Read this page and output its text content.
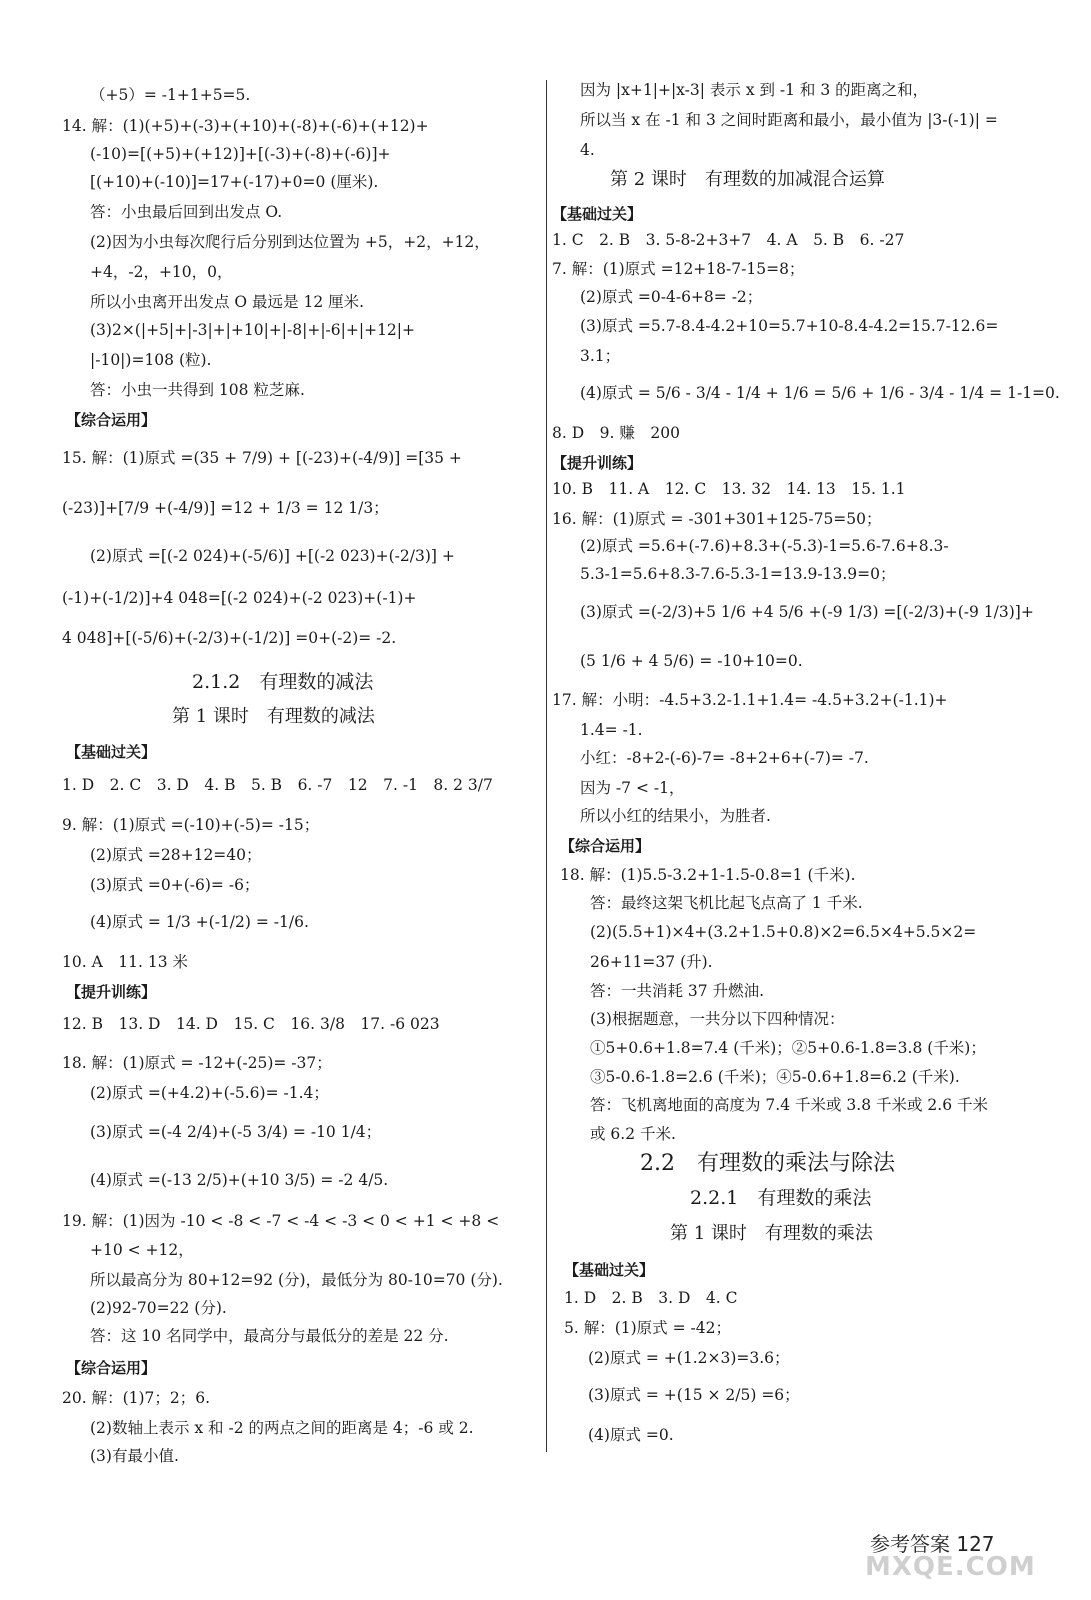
（+5）= -1+1+5=5.
14. 解：(1)(+5)+(-3)+(+10)+(-8)+(-6)+(+12)+
(-10)=[(+5)+(+12)]+[(-3)+(-8)+(-6)]+
[(+10)+(-10)]=17+(-17)+0=0 (厘米).
答：小虫最后回到出发点 O.
(2)因为小虫每次爬行后分别到达位置为 +5，+2，+12，
+4，-2，+10，0，
所以小虫离开出发点 O 最远是 12 厘米.
(3)2×(|+5|+|-3|+|+10|+|-8|+|-6|+|+12|+
|-10|)=108 (粒).
答：小虫一共得到 108 粒芝麻.
【综合运用】
15. 解：(1)原式 =(35 + 7/9) + [(-23)+(-4/9)] =[35 +
(-23)]+[7/9 +(-4/9)] =12 + 1/3 = 12 1/3；
(2)原式 =[(-2 024)+(-5/6)] +[(-2 023)+(-2/3)] +
(-1)+(-1/2)]+4 048=[(-2 024)+(-2 023)+(-1)+
4 048]+[(-5/6)+(-2/3)+(-1/2)] =0+(-2)= -2.
2.1.2　有理数的减法
第 1 课时　有理数的减法
【基础过关】
1. D　2. C　3. D　4. B　5. B　6. -7　12　7. -1　8. 2 3/7
9. 解：(1)原式 =(-10)+(-5)= -15；
(2)原式 =28+12=40；
(3)原式 =0+(-6)= -6；
(4)原式 = 1/3 +(-1/2) = -1/6.
10. A　11. 13 米
【提升训练】
12. B　13. D　14. D　15. C　16. 3/8　17. -6 023
18. 解：(1)原式 = -12+(-25)= -37；
(2)原式 =(+4.2)+(-5.6)= -1.4；
(3)原式 =(-4 2/4)+(-5 3/4) = -10 1/4；
(4)原式 =(-13 2/5)+(+10 3/5) = -2 4/5.
19. 解：(1)因为 -10 < -8 < -7 < -4 < -3 < 0 < +1 < +8 <
+10 < +12，
所以最高分为 80+12=92 (分)，最低分为 80-10=70 (分).
(2)92-70=22 (分).
答：这 10 名同学中，最高分与最低分的差是 22 分.
【综合运用】
20. 解：(1)7；2；6.
(2)数轴上表示 x 和 -2 的两点之间的距离是 4；-6 或 2.
(3)有最小值.
因为 |x+1|+|x-3| 表示 x 到 -1 和 3 的距离之和，
所以当 x 在 -1 和 3 之间时距离和最小，最小值为 |3-(-1)| =
4.
第 2 课时　有理数的加减混合运算
【基础过关】
1. C　2. B　3. 5-8-2+3+7　4. A　5. B　6. -27
7. 解：(1)原式 =12+18-7-15=8；
(2)原式 =0-4-6+8= -2；
(3)原式 =5.7-8.4-4.2+10=5.7+10-8.4-4.2=15.7-12.6=
3.1；
(4)原式 = 5/6 - 3/4 - 1/4 + 1/6 = 5/6 + 1/6 - 3/4 - 1/4 = 1-1=0.
8. D　9. 赚　200
【提升训练】
10. B　11. A　12. C　13. 32　14. 13　15. 1.1
16. 解：(1)原式 = -301+301+125-75=50；
(2)原式 =5.6+(-7.6)+8.3+(-5.3)-1=5.6-7.6+8.3-
5.3-1=5.6+8.3-7.6-5.3-1=13.9-13.9=0；
(3)原式 =(-2/3)+5 1/6 +4 5/6 +(-9 1/3) =[(-2/3)+(-9 1/3)]+
(5 1/6 + 4 5/6) = -10+10=0.
17. 解：小明：-4.5+3.2-1.1+1.4= -4.5+3.2+(-1.1)+
1.4= -1.
小红：-8+2-(-6)-7= -8+2+6+(-7)= -7.
因为 -7 < -1，
所以小红的结果小，为胜者.
【综合运用】
18. 解：(1)5.5-3.2+1-1.5-0.8=1 (千米).
答：最终这架飞机比起飞点高了 1 千米.
(2)(5.5+1)×4+(3.2+1.5+0.8)×2=6.5×4+5.5×2=
26+11=37 (升).
答：一共消耗 37 升燃油.
(3)根据题意，一共分以下四种情况：
①5+0.6+1.8=7.4 (千米)；②5+0.6-1.8=3.8 (千米)；
③5-0.6-1.8=2.6 (千米)；④5-0.6+1.8=6.2 (千米).
答：飞机离地面的高度为 7.4 千米或 3.8 千米或 2.6 千米
或 6.2 千米.
2.2　有理数的乘法与除法
2.2.1　有理数的乘法
第 1 课时　有理数的乘法
【基础过关】
1. D　2. B　3. D　4. C
5. 解：(1)原式 = -42；
(2)原式 = +(1.2×3)=3.6；
(3)原式 = +(15 × 2/5) =6；
(4)原式 =0.
参考答案 127
MXQE.COM
